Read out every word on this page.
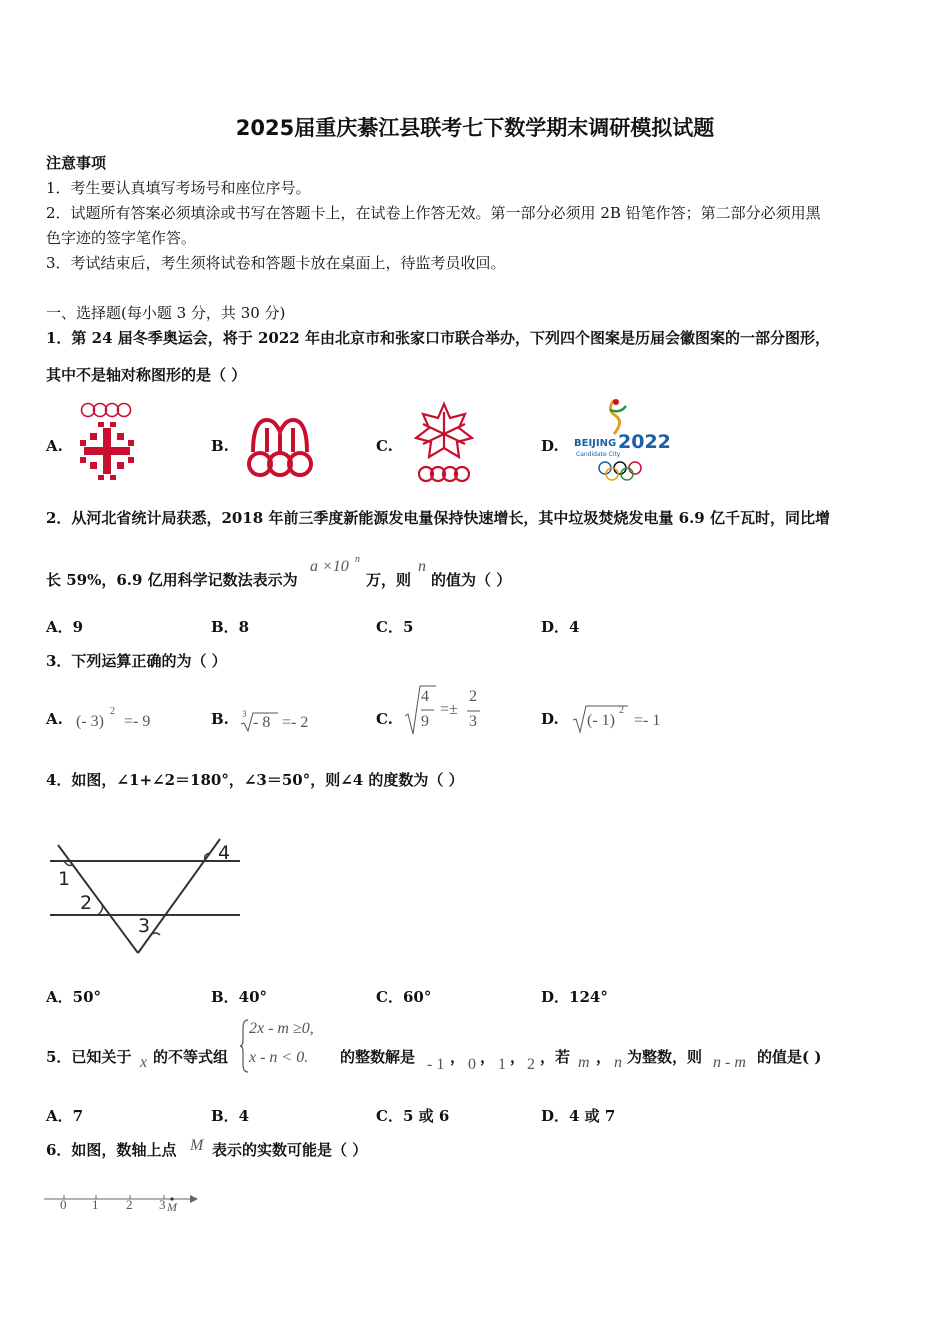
2025届重庆綦江县联考七下数学期末调研模拟试题
注意事项
1．考生要认真填写考场号和座位序号。
2．试题所有答案必须填涂或书写在答题卡上，在试卷上作答无效。第一部分必须用 2B 铅笔作答；第二部分必须用黑
色字迹的签字笔作答。
3．考试结束后，考生须将试卷和答题卡放在桌面上，待监考员收回。
一、选择题(每小题 3 分，共 30 分)
1．第 24 届冬季奥运会，将于 2022 年由北京市和张家口市联合举办，下列四个图案是历届会徽图案的一部分图形，
其中不是轴对称图形的是（ ）
A.	B.	C.	D. BEIJING 2022
Candidate City
2．从河北省统计局获悉，2018 年前三季度新能源发电量保持快速增长，其中垃圾焚烧发电量 6.9 亿千瓦时，同比增
长 59%，6.9 亿用科学记数法表示为
a ×10 n
万，则
n
的值为（ ）
A．9	B．8	C．5	D．4
3．下列运算正确的为（ ）
A. (- 3)
2
=- 9	B. 3 - 8 =- 2	C.
4
9
=±
2
3	D. (- 1)
2
=- 1
4．如图，∠1+∠2＝180°，∠3＝50°，则∠4 的度数为（ ）
1
2
3
4
A．50°	B．40°	C．60°	D．124°
5．已知关于 x 的不等式组
2x - m ≥0,
x - n < 0. 的整数解是 - 1 ， 0 ， 1 ， 2 ，若 m ， n 为整数，则 n - m 的值是( )
A．7	B．4	C．5 或 6	D．4 或 7
6．如图，数轴上点 M 表示的实数可能是（ ）
0 1 2 3 M
